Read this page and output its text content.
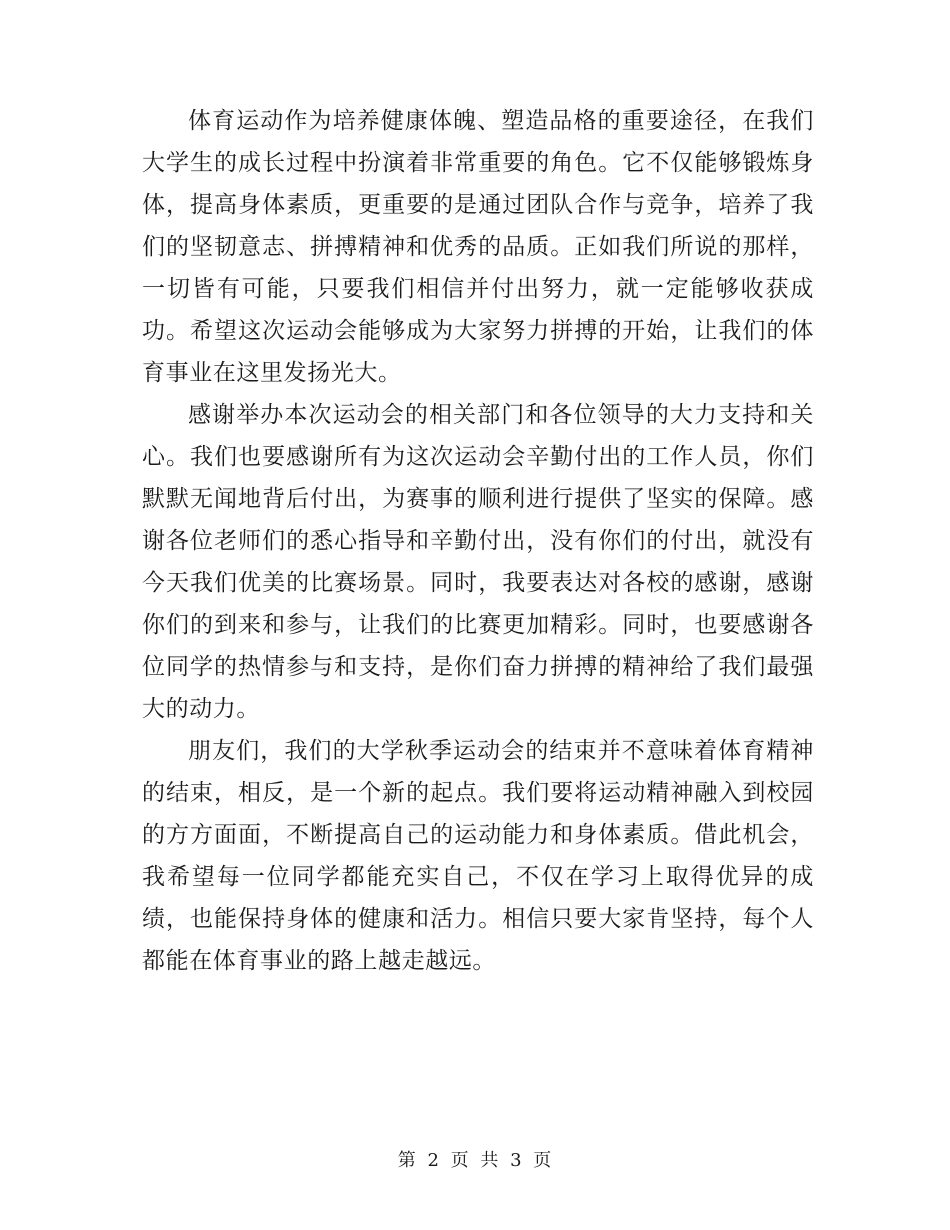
体育运动作为培养健康体魄、塑造品格的重要途径，在我们大学生的成长过程中扮演着非常重要的角色。它不仅能够锻炼身体，提高身体素质，更重要的是通过团队合作与竞争，培养了我们的坚韧意志、拼搏精神和优秀的品质。正如我们所说的那样，一切皆有可能，只要我们相信并付出努力，就一定能够收获成功。希望这次运动会能够成为大家努力拼搏的开始，让我们的体育事业在这里发扬光大。

感谢举办本次运动会的相关部门和各位领导的大力支持和关心。我们也要感谢所有为这次运动会辛勤付出的工作人员，你们默默无闻地背后付出，为赛事的顺利进行提供了坚实的保障。感谢各位老师们的悉心指导和辛勤付出，没有你们的付出，就没有今天我们优美的比赛场景。同时，我要表达对各校的感谢，感谢你们的到来和参与，让我们的比赛更加精彩。同时，也要感谢各位同学的热情参与和支持，是你们奋力拼搏的精神给了我们最强大的动力。

朋友们，我们的大学秋季运动会的结束并不意味着体育精神的结束，相反，是一个新的起点。我们要将运动精神融入到校园的方方面面，不断提高自己的运动能力和身体素质。借此机会，我希望每一位同学都能充实自己，不仅在学习上取得优异的成绩，也能保持身体的健康和活力。相信只要大家肯坚持，每个人都能在体育事业的路上越走越远。

第 2 页 共 3 页
